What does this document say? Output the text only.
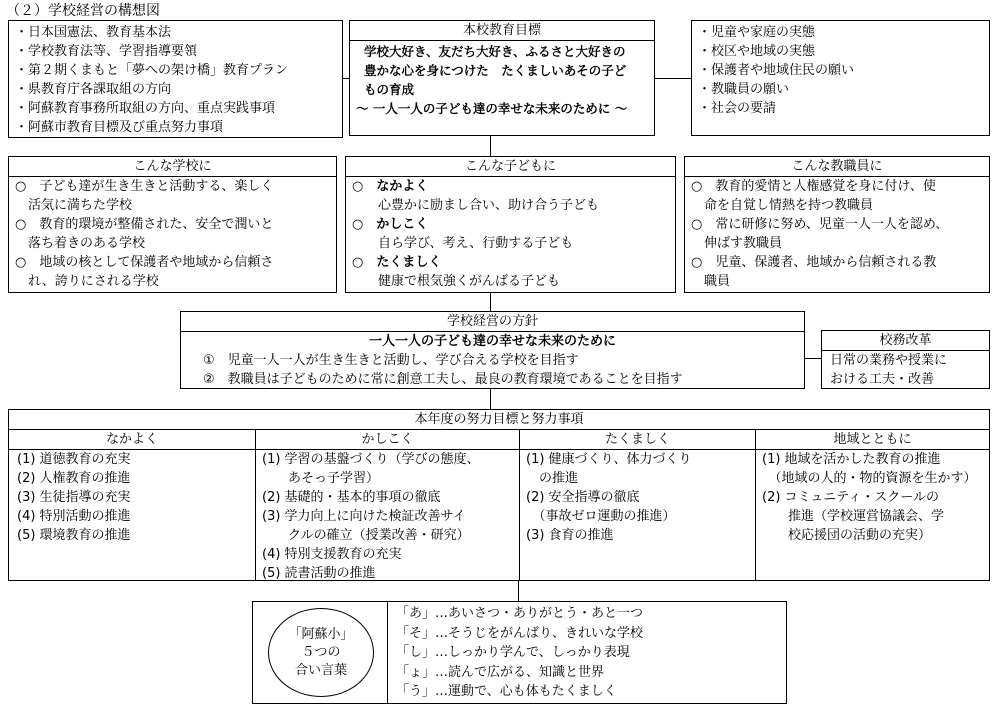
（２）学校経営の構想図
・日本国憲法、教育基本法
・学校教育法等、学習指導要領
・第２期くまもと「夢への架け橋」教育プラン
・県教育庁各課取組の方向
・阿蘇教育事務所取組の方向、重点実践事項
・阿蘇市教育目標及び重点努力事項
本校教育目標
学校大好き、友だち大好き、ふるさと大好きの
豊かな心を身につけた　たくましいあその子ど
もの育成
～ 一人一人の子ども達の幸せな未来のために ～
・児童や家庭の実態
・校区や地域の実態
・保護者や地域住民の願い
・教職員の願い
・社会の要請
こんな学校に
○　子ども達が生き生きと活動する、楽しく
　活気に満ちた学校
○　教育的環境が整備された、安全で潤いと
　落ち着きのある学校
○　地域の核として保護者や地域から信頼さ
　れ、誇りにされる学校
こんな子どもに
○　なかよく
　　心豊かに励まし合い、助け合う子ども
○　かしこく
　　自ら学び、考え、行動する子ども
○　たくましく
　　健康で根気強くがんばる子ども
こんな教職員に
○　教育的愛情と人権感覚を身に付け、使
　命を自覚し情熱を持つ教職員
○　常に研修に努め、児童一人一人を認め、
　伸ばす教職員
○　児童、保護者、地域から信頼される教
　職員
学校経営の方針
一人一人の子ども達の幸せな未来のために
①　児童一人一人が生き生きと活動し、学び合える学校を目指す
②　教職員は子どものために常に創意工夫し、最良の教育環境であることを目指す
校務改革
日常の業務や授業に
おける工夫・改善
本年度の努力目標と努力事項
なかよく
(1) 道徳教育の充実
(2) 人権教育の推進
(3) 生徒指導の充実
(4) 特別活動の推進
(5) 環境教育の推進
かしこく
(1) 学習の基盤づくり（学びの態度、
　　あそっ子学習）
(2) 基礎的・基本的事項の徹底
(3) 学力向上に向けた検証改善サイ
　　クルの確立（授業改善・研究）
(4) 特別支援教育の充実
(5) 読書活動の推進
たくましく
(1) 健康づくり、体力づくり
　の推進
(2) 安全指導の徹底
　（事故ゼロ運動の推進）
(3) 食育の推進
地域とともに
(1) 地域を活かした教育の推進
　（地域の人的・物的資源を生かす）
(2) コミュニティ・スクールの
　　推進（学校運営協議会、学
　　校応援団の活動の充実）
「阿蘇小」
５つの
合い言葉
「あ」…あいさつ・ありがとう・あと一つ
「そ」…そうじをがんばり、きれいな学校
「し」…しっかり学んで、しっかり表現
「ょ」…読んで広がる、知識と世界
「う」…運動で、心も体もたくましく
